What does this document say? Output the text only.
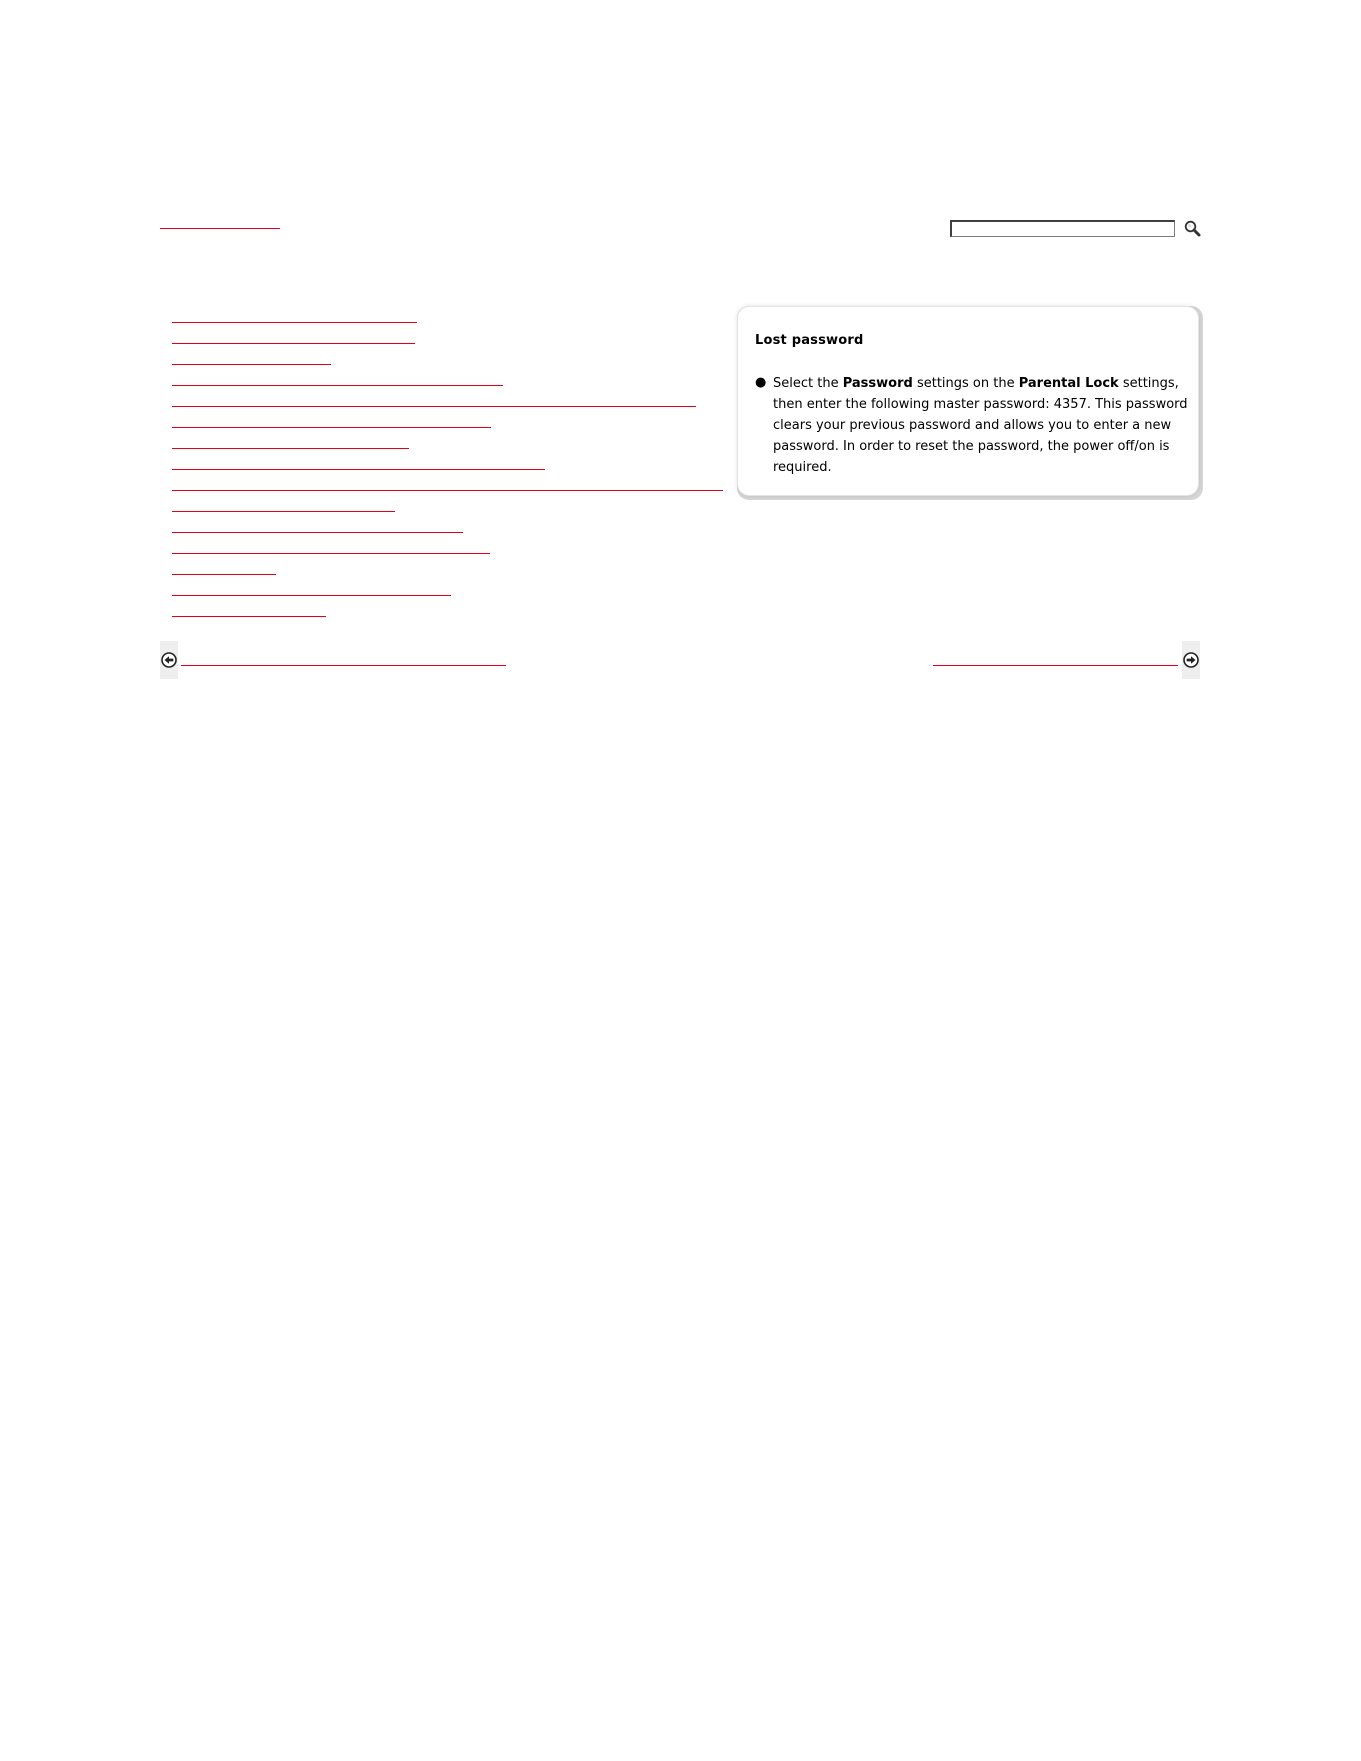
Lost password
● Select the Password settings on the Parental Lock settings, then enter the following master password: 4357. This password clears your previous password and allows you to enter a new password. In order to reset the password, the power off/on is required.
